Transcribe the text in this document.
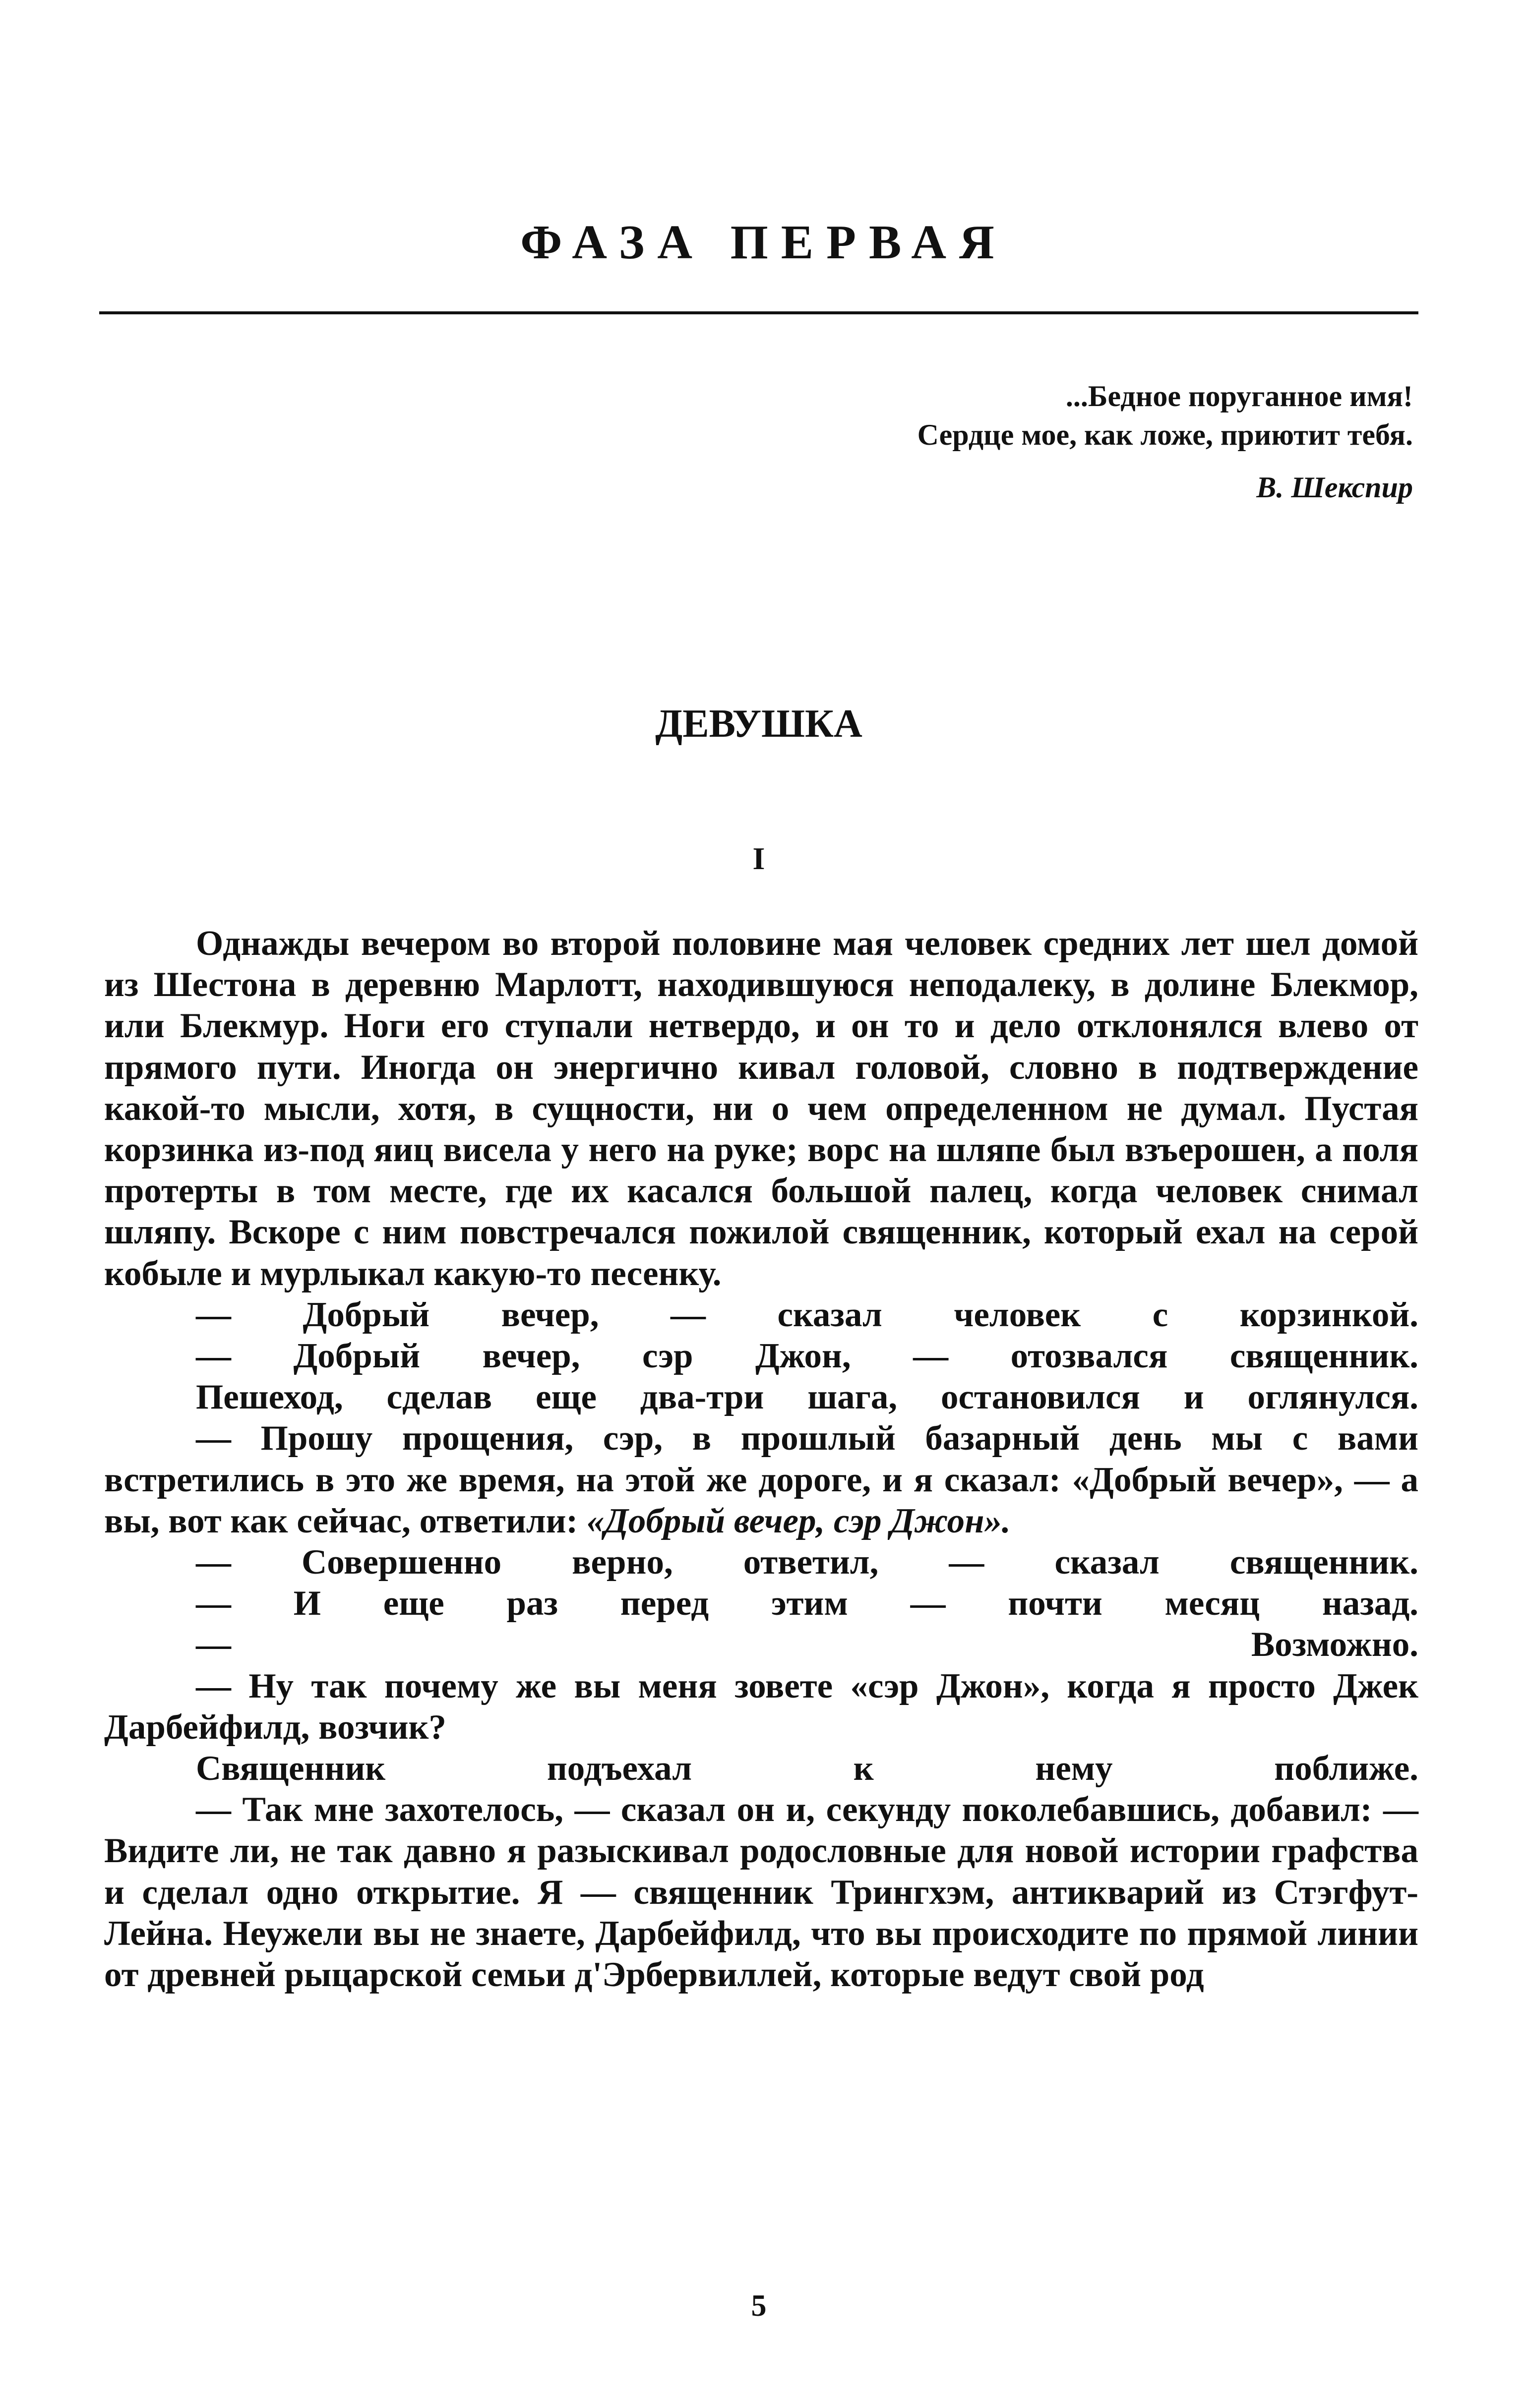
ФАЗА ПЕРВАЯ
...Бедное поруганное имя!
Сердце мое, как ложе, приютит тебя.
В. Шекспир
ДЕВУШКА
I

Однажды вечером во второй половине мая человек средних лет шел домой из Шестона в деревню Марлотт, находившуюся неподалеку, в долине Блекмор, или Блекмур. Ноги его ступали нетвердо, и он то и дело отклонялся влево от прямого пути. Иногда он энергично кивал головой, словно в подтверждение какой-то мысли, хотя, в сущности, ни о чем определенном не думал. Пустая корзинка из-под яиц висела у него на руке; ворс на шляпе был взъерошен, а поля протерты в том месте, где их касался большой палец, когда человек снимал шляпу. Вскоре с ним повстречался пожилой священник, который ехал на серой кобыле и мурлыкал какую-то песенку.

— Добрый вечер, — сказал человек с корзинкой.

— Добрый вечер, сэр Джон, — отозвался священник.

Пешеход, сделав еще два-три шага, остановился и оглянулся.

— Прошу прощения, сэр, в прошлый базарный день мы с вами встретились в это же время, на этой же дороге, и я сказал: «Добрый вечер», — а вы, вот как сейчас, ответили: «Добрый вечер, сэр Джон».

— Совершенно верно, ответил, — сказал священник.

— И еще раз перед этим — почти месяц назад.

— Возможно.

— Ну так почему же вы меня зовете «сэр Джон», когда я просто Джек Дарбейфилд, возчик?

Священник подъехал к нему поближе.

— Так мне захотелось, — сказал он и, секунду поколебавшись, добавил: — Видите ли, не так давно я разыскивал родословные для новой истории графства и сделал одно открытие. Я — священник Трингхэм, антикварий из Стэгфут-Лейна. Неужели вы не знаете, Дарбейфилд, что вы происходите по прямой линии от древней рыцарской семьи д'Эрбервиллей, которые ведут свой род

5
